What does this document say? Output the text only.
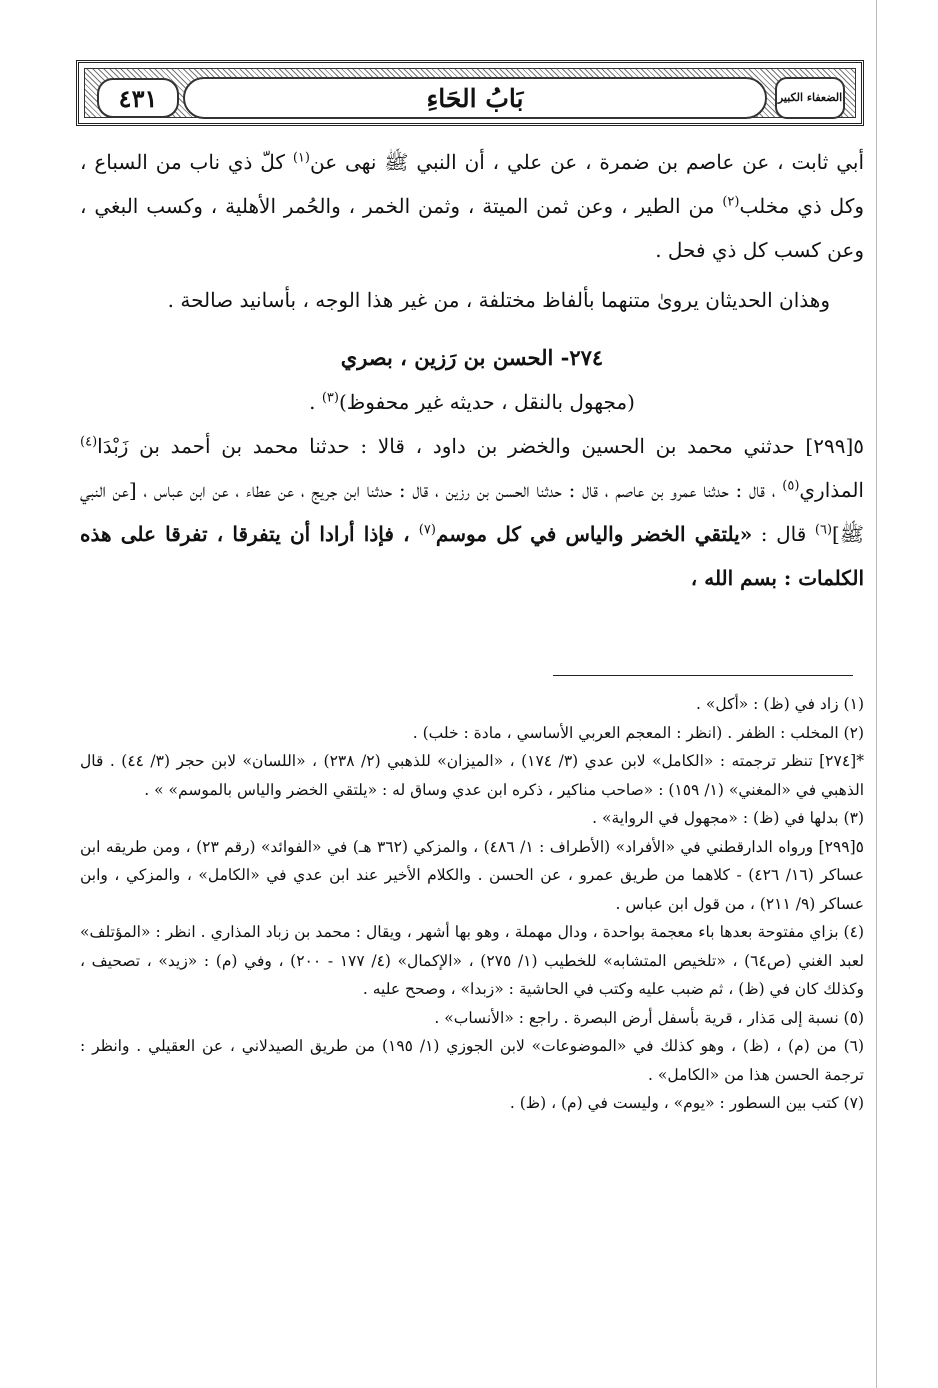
٤٣١	بَابُ الحَاءِ	الضعفاء الكبير

أبي ثابت ، عن عاصم بن ضمرة ، عن علي ، أن النبي ﷺ نهى عن$^{(١)}$ كلّ ذي ناب من السباع ، وكل ذي مخلب$^{(٢)}$ من الطير ، وعن ثمن الميتة ، وثمن الخمر ، والحُمر الأهلية ، وكسب البغي ، وعن كسب كل ذي فحل .

وهذان الحديثان يروىٰ متنهما بألفاظ مختلفة ، من غير هذا الوجه ، بأسانيد صالحة .

٢٧٤- الحسن بن رَزين ، بصري

(مجهول بالنقل ، حديثه غير محفوظ)$^{(٣)}$ .

٥[٢٩٩] حدثني محمد بن الحسين والخضر بن داود ، قالا : حدثنا محمد بن أحمد بن زَبْدَا$^{(٤)}$ المذاري$^{(٥)}$ ، قال : حدثنا عمرو بن عاصم ، قال : حدثنا الحسن بن رزين ، قال : حدثنا ابن جريج ، عن عطاء ، عن ابن عباس ، [عن النبي ﷺ]$^{(٦)}$ قال : «يلتقي الخضر والياس في كل موسم$^{(٧)}$ ، فإذا أرادا أن يتفرقا ، تفرقا على هذه الكلمات : بسم الله ،

(١) زاد في (ظ) : «أكل» .

(٢) المخلب : الظفر . (انظر : المعجم العربي الأساسي ، مادة : خلب) .

*[٢٧٤] تنظر ترجمته : «الكامل» لابن عدي (٣/ ١٧٤) ، «الميزان» للذهبي (٢/ ٢٣٨) ، «اللسان» لابن حجر (٣/ ٤٤) . قال الذهبي في «المغني» (١/ ١٥٩) : «صاحب مناكير ، ذكره ابن عدي وساق له : «يلتقي الخضر والياس بالموسم» » .

(٣) بدلها في (ظ) : «مجهول في الرواية» .

٥[٢٩٩] ورواه الدارقطني في «الأفراد» (الأطراف : ١/ ٤٨٦) ، والمزكي (٣٦٢ هـ) في «الفوائد» (رقم ٢٣) ، ومن طريقه ابن عساكر (١٦/ ٤٢٦) - كلاهما من طريق عمرو ، عن الحسن . والكلام الأخير عند ابن عدي في «الكامل» ، والمزكي ، وابن عساكر (٩/ ٢١١) ، من قول ابن عباس .

(٤) بزاي مفتوحة بعدها باء معجمة بواحدة ، ودال مهملة ، وهو بها أشهر ، ويقال : محمد بن زباد المذاري . انظر : «المؤتلف» لعبد الغني (ص٦٤) ، «تلخيص المتشابه» للخطيب (١/ ٢٧٥) ، «الإكمال» (٤/ ١٧٧ - ٢٠٠) ، وفي (م) : «زيد» ، تصحيف ، وكذلك كان في (ظ) ، ثم ضبب عليه وكتب في الحاشية : «زبدا» ، وصحح عليه .

(٥) نسبة إلى مَذار ، قرية بأسفل أرض البصرة . راجع : «الأنساب» .

(٦) من (م) ، (ظ) ، وهو كذلك في «الموضوعات» لابن الجوزي (١/ ١٩٥) من طريق الصيدلاني ، عن العقيلي . وانظر : ترجمة الحسن هذا من «الكامل» .

(٧) كتب بين السطور : «يوم» ، وليست في (م) ، (ظ) .
